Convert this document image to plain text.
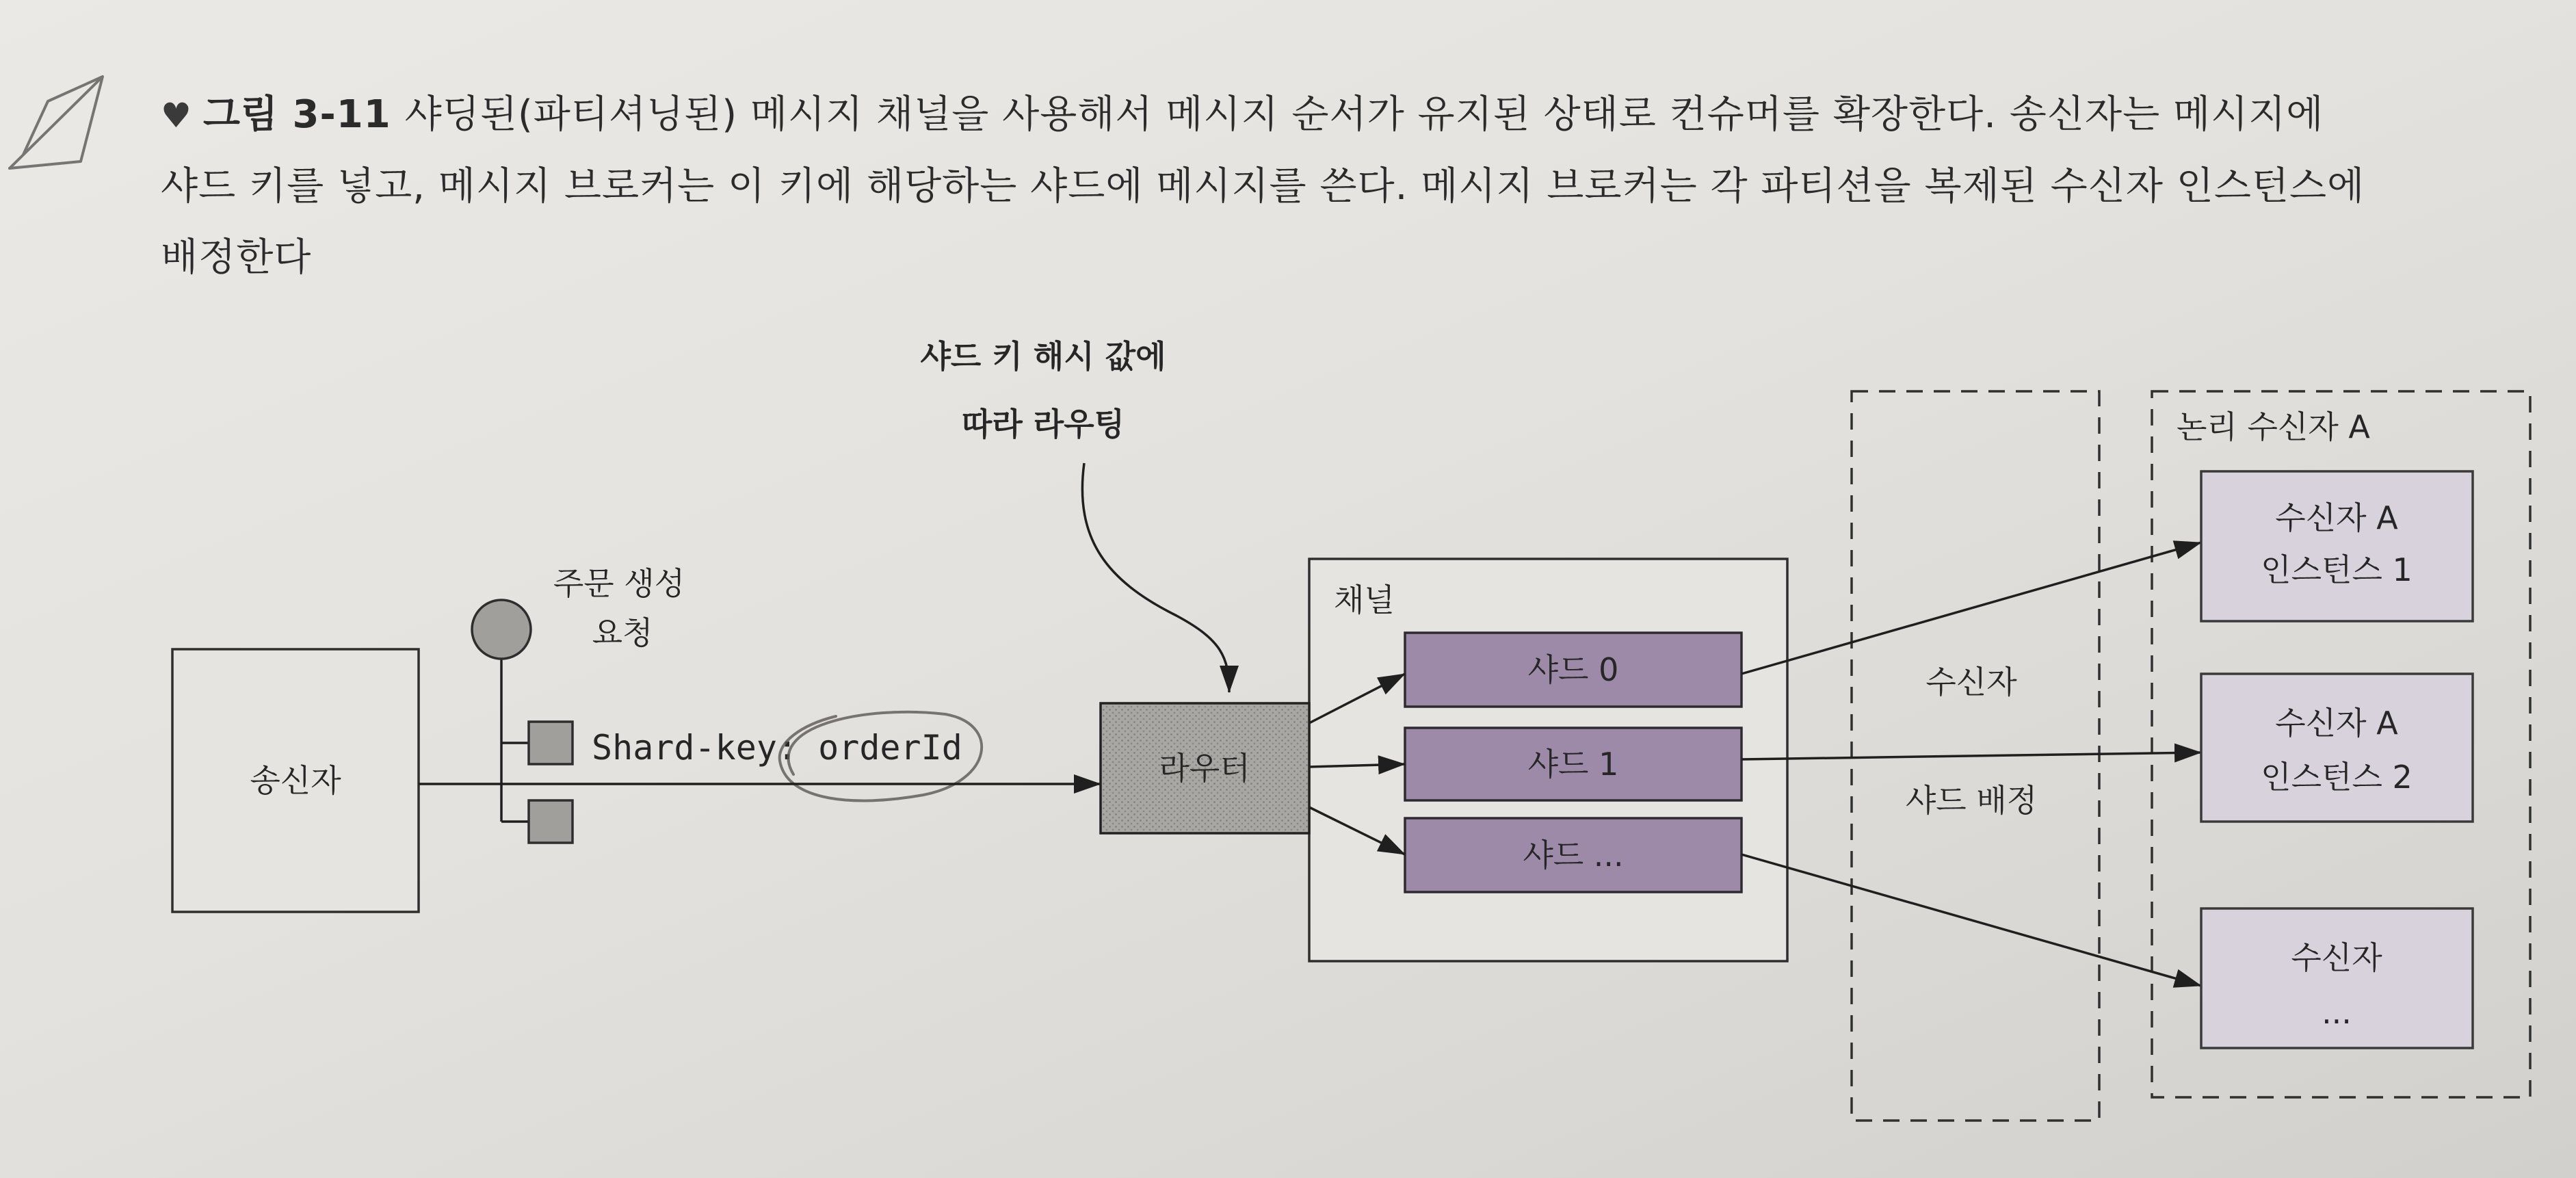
샤드 키 해시 값에
따라 라우팅
송신자
주문 생성
요청
Shard-key: orderId
채널
샤드 0
샤드 1
샤드 ...
라우터
수신자
샤드 배정
논리 수신자 A
수신자 A
인스턴스 1
수신자 A
인스턴스 2
수신자
...
♥ 그림 3-11 샤딩된(파티셔닝된) 메시지 채널을 사용해서 메시지 순서가 유지된 상태로 컨슈머를 확장한다. 송신자는 메시지에
샤드 키를 넣고, 메시지 브로커는 이 키에 해당하는 샤드에 메시지를 쓴다. 메시지 브로커는 각 파티션을 복제된 수신자 인스턴스에
배정한다
